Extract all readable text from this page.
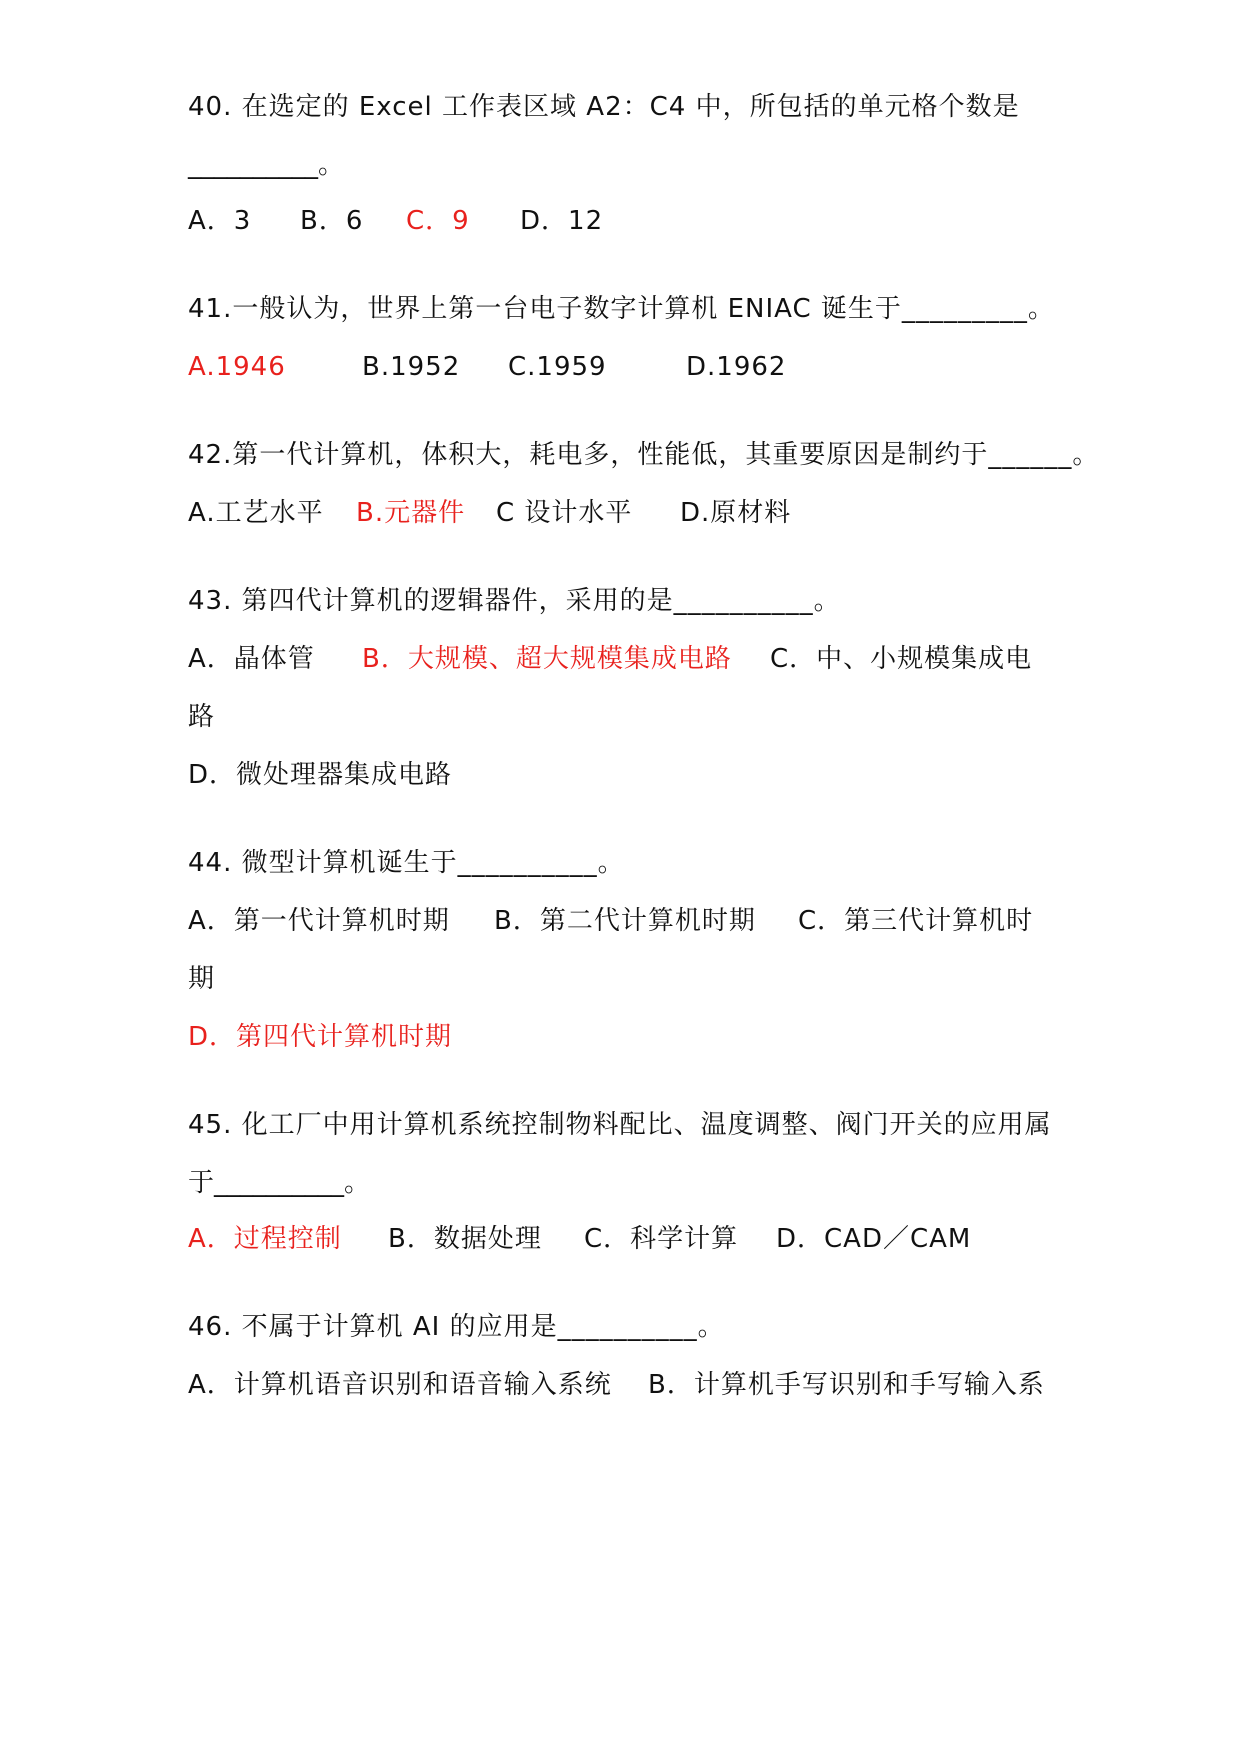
40. 在选定的 Excel 工作表区域 A2：C4 中，所包括的单元格个数是
__________。
A．3 B．6 C．9 D．12
41.一般认为，世界上第一台电子数字计算机 ENIAC 诞生于_________。
A.1946	B.1952 C.1959	D.1962
42.第一代计算机，体积大，耗电多，性能低，其重要原因是制约于______。
A.工艺水平 B.元器件 C 设计水平 D.原材料
43. 第四代计算机的逻辑器件，采用的是__________。
A．晶体管 B．大规模、超大规模集成电路 C．中、小规模集成电
路
D．微处理器集成电路
44. 微型计算机诞生于__________。
A．第一代计算机时期 B．第二代计算机时期 C．第三代计算机时
期
D．第四代计算机时期
45. 化工厂中用计算机系统控制物料配比、温度调整、阀门开关的应用属
于__________。
A．过程控制 B．数据处理 C．科学计算 D．CAD／CAM
46. 不属于计算机 AI 的应用是__________。
A．计算机语音识别和语音输入系统 B．计算机手写识别和手写输入系
